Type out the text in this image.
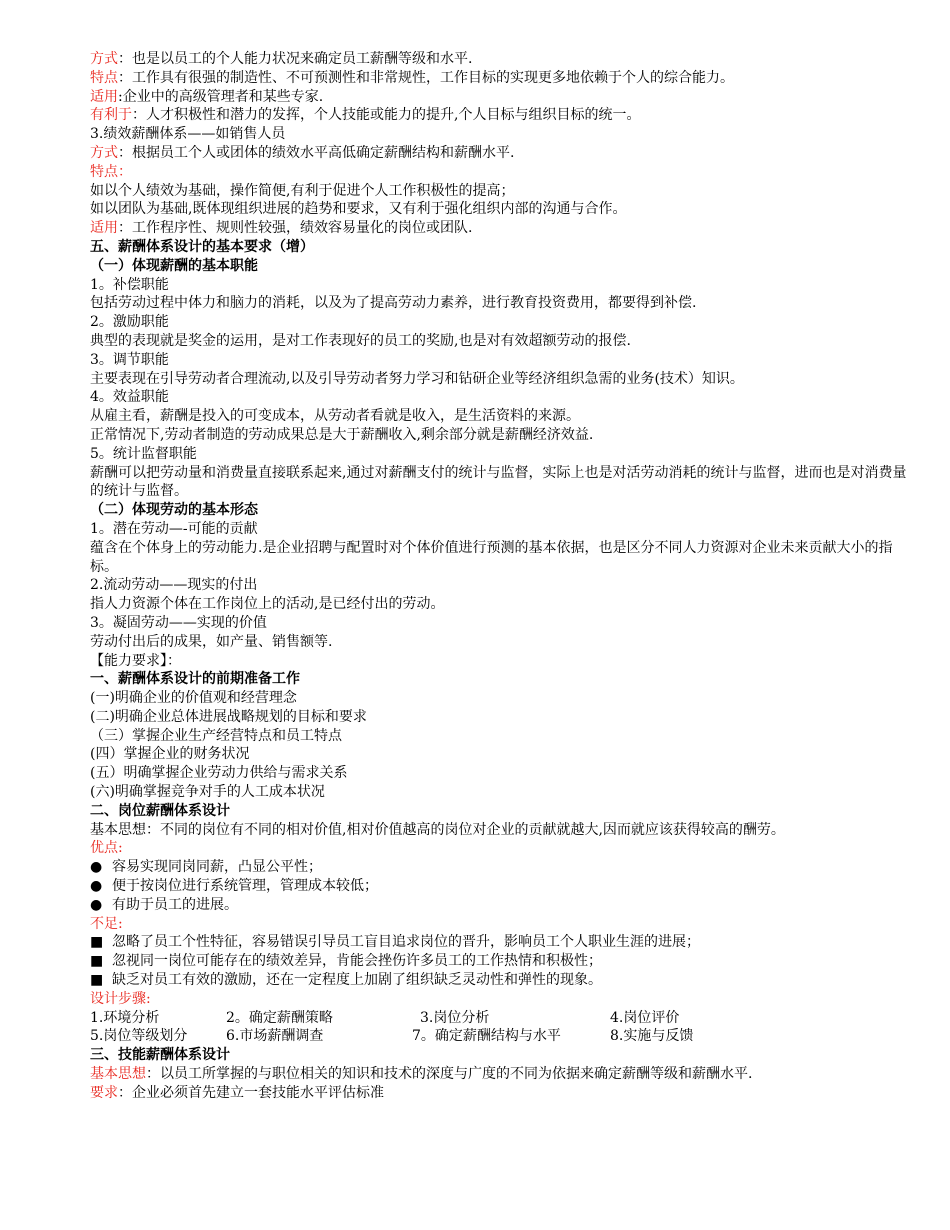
方式：也是以员工的个人能力状况来确定员工薪酬等级和水平.
特点：工作具有很强的制造性、不可预测性和非常规性，工作目标的实现更多地依赖于个人的综合能力。
适用:企业中的高级管理者和某些专家.
有利于：人才积极性和潜力的发挥，个人技能或能力的提升,个人目标与组织目标的统一。
3.绩效薪酬体系——如销售人员
方式：根据员工个人或团体的绩效水平高低确定薪酬结构和薪酬水平.
特点：
如以个人绩效为基础，操作简便,有利于促进个人工作积极性的提高；
如以团队为基础,既体现组织进展的趋势和要求，又有利于强化组织内部的沟通与合作。
适用：工作程序性、规则性较强，绩效容易量化的岗位或团队.
五、薪酬体系设计的基本要求（增）
（一）体现薪酬的基本职能
1。补偿职能
包括劳动过程中体力和脑力的消耗，以及为了提高劳动力素养，进行教育投资费用，都要得到补偿.
2。激励职能
典型的表现就是奖金的运用，是对工作表现好的员工的奖励,也是对有效超额劳动的报偿.
3。调节职能
主要表现在引导劳动者合理流动,以及引导劳动者努力学习和钻研企业等经济组织急需的业务(技术）知识。
4。效益职能
从雇主看，薪酬是投入的可变成本，从劳动者看就是收入，是生活资料的来源。
正常情况下,劳动者制造的劳动成果总是大于薪酬收入,剩余部分就是薪酬经济效益.
5。统计监督职能
薪酬可以把劳动量和消费量直接联系起来,通过对薪酬支付的统计与监督，实际上也是对活劳动消耗的统计与监督，进而也是对消费量的统计与监督。
（二）体现劳动的基本形态
1。潜在劳动—-可能的贡献
蕴含在个体身上的劳动能力.是企业招聘与配置时对个体价值进行预测的基本依据，也是区分不同人力资源对企业未来贡献大小的指标。
2.流动劳动——现实的付出
指人力资源个体在工作岗位上的活动,是已经付出的劳动。
3。凝固劳动——实现的价值
劳动付出后的成果，如产量、销售额等.
【能力要求】：
一、薪酬体系设计的前期准备工作
(一)明确企业的价值观和经营理念
(二)明确企业总体进展战略规划的目标和要求
（三）掌握企业生产经营特点和员工特点
(四）掌握企业的财务状况
(五）明确掌握企业劳动力供给与需求关系
(六)明确掌握竞争对手的人工成本状况
二、岗位薪酬体系设计
基本思想：不同的岗位有不同的相对价值,相对价值越高的岗位对企业的贡献就越大,因而就应该获得较高的酬劳。
优点:
● 容易实现同岗同薪，凸显公平性；
● 便于按岗位进行系统管理，管理成本较低；
● 有助于员工的进展。
不足:
■ 忽略了员工个性特征，容易错误引导员工盲目追求岗位的晋升，影响员工个人职业生涯的进展；
■ 忽视同一岗位可能存在的绩效差异，肯能会挫伤许多员工的工作热情和积极性；
■ 缺乏对员工有效的激励，还在一定程度上加剧了组织缺乏灵动性和弹性的现象。
设计步骤:
1.环境分析	2。确定薪酬策略	3.岗位分析	4.岗位评价
5.岗位等级划分	6.市场薪酬调查	7。确定薪酬结构与水平	8.实施与反馈
三、技能薪酬体系设计
基本思想：以员工所掌握的与职位相关的知识和技术的深度与广度的不同为依据来确定薪酬等级和薪酬水平.
要求：企业必须首先建立一套技能水平评估标准
